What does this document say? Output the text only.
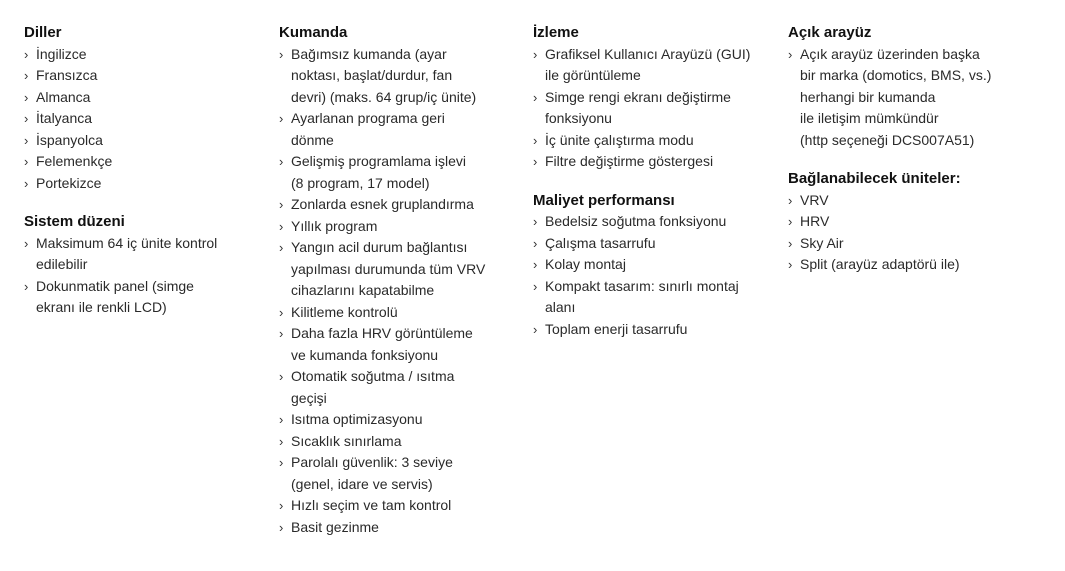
Diller
› İngilizce
› Fransızca
› Almanca
› İtalyanca
› İspanyolca
› Felemenkçe
› Portekizce
Sistem düzeni
› Maksimum 64 iç ünite kontrol
edilebilir
› Dokunmatik panel (simge
ekranı ile renkli LCD)
Kumanda
› Bağımsız kumanda (ayar
noktası, başlat/durdur, fan
devri) (maks. 64 grup/iç ünite)
› Ayarlanan programa geri
dönme
› Gelişmiş programlama işlevi
(8 program, 17 model)
› Zonlarda esnek gruplandırma
› Yıllık program
› Yangın acil durum bağlantısı
yapılması durumunda tüm VRV
cihazlarını kapatabilme
› Kilitleme kontrolü
› Daha fazla HRV görüntüleme
ve kumanda fonksiyonu
› Otomatik soğutma / ısıtma
geçişi
› Isıtma optimizasyonu
› Sıcaklık sınırlama
› Parolalı güvenlik: 3 seviye
(genel, idare ve servis)
› Hızlı seçim ve tam kontrol
› Basit gezinme
İzleme
› Grafiksel Kullanıcı Arayüzü (GUI)
ile görüntüleme
› Simge rengi ekranı değiştirme
fonksiyonu
› İç ünite çalıştırma modu
› Filtre değiştirme göstergesi
Maliyet performansı
› Bedelsiz soğutma fonksiyonu
› Çalışma tasarrufu
› Kolay montaj
› Kompakt tasarım: sınırlı montaj
alanı
› Toplam enerji tasarrufu
Açık arayüz
› Açık arayüz üzerinden başka
bir marka (domotics, BMS, vs.)
herhangi bir kumanda
ile iletişim mümkündür
(http seçeneği DCS007A51)
Bağlanabilecek üniteler:
› VRV
› HRV
› Sky Air
› Split (arayüz adaptörü ile)
